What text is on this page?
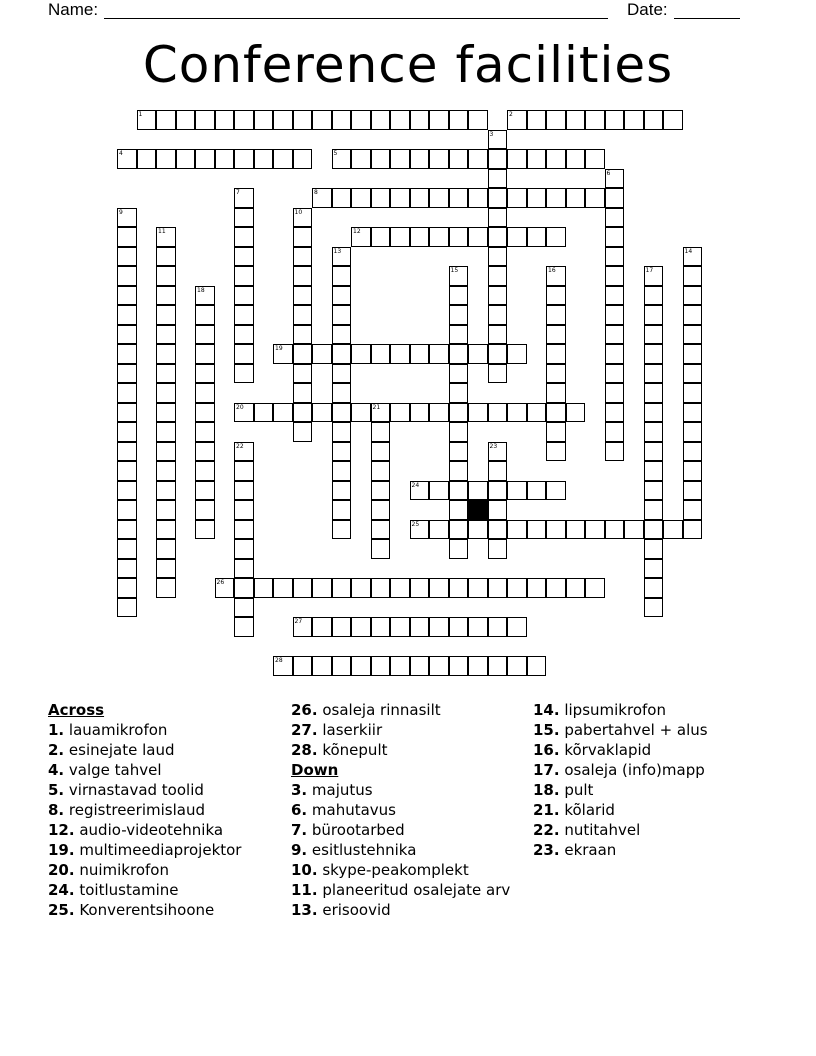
Name:	Date:
Conference facilities
1	2
3
4	5
6
7	8
9	10
11	12
13	14
15	16	17
18
19
20	21
22	23
24
25
26
27
28
Across
1. lauamikrofon
2. esinejate laud
4. valge tahvel
5. virnastavad toolid
8. registreerimislaud
12. audio-videotehnika
19. multimeediaprojektor
20. nuimikrofon
24. toitlustamine
25. Konverentsihoone
26. osaleja rinnasilt
27. laserkiir
28. kõnepult
Down
3. majutus
6. mahutavus
7. bürootarbed
9. esitlustehnika
10. skype-peakomplekt
11. planeeritud osalejate arv
13. erisoovid
14. lipsumikrofon
15. pabertahvel + alus
16. kõrvaklapid
17. osaleja (info)mapp
18. pult
21. kõlarid
22. nutitahvel
23. ekraan
